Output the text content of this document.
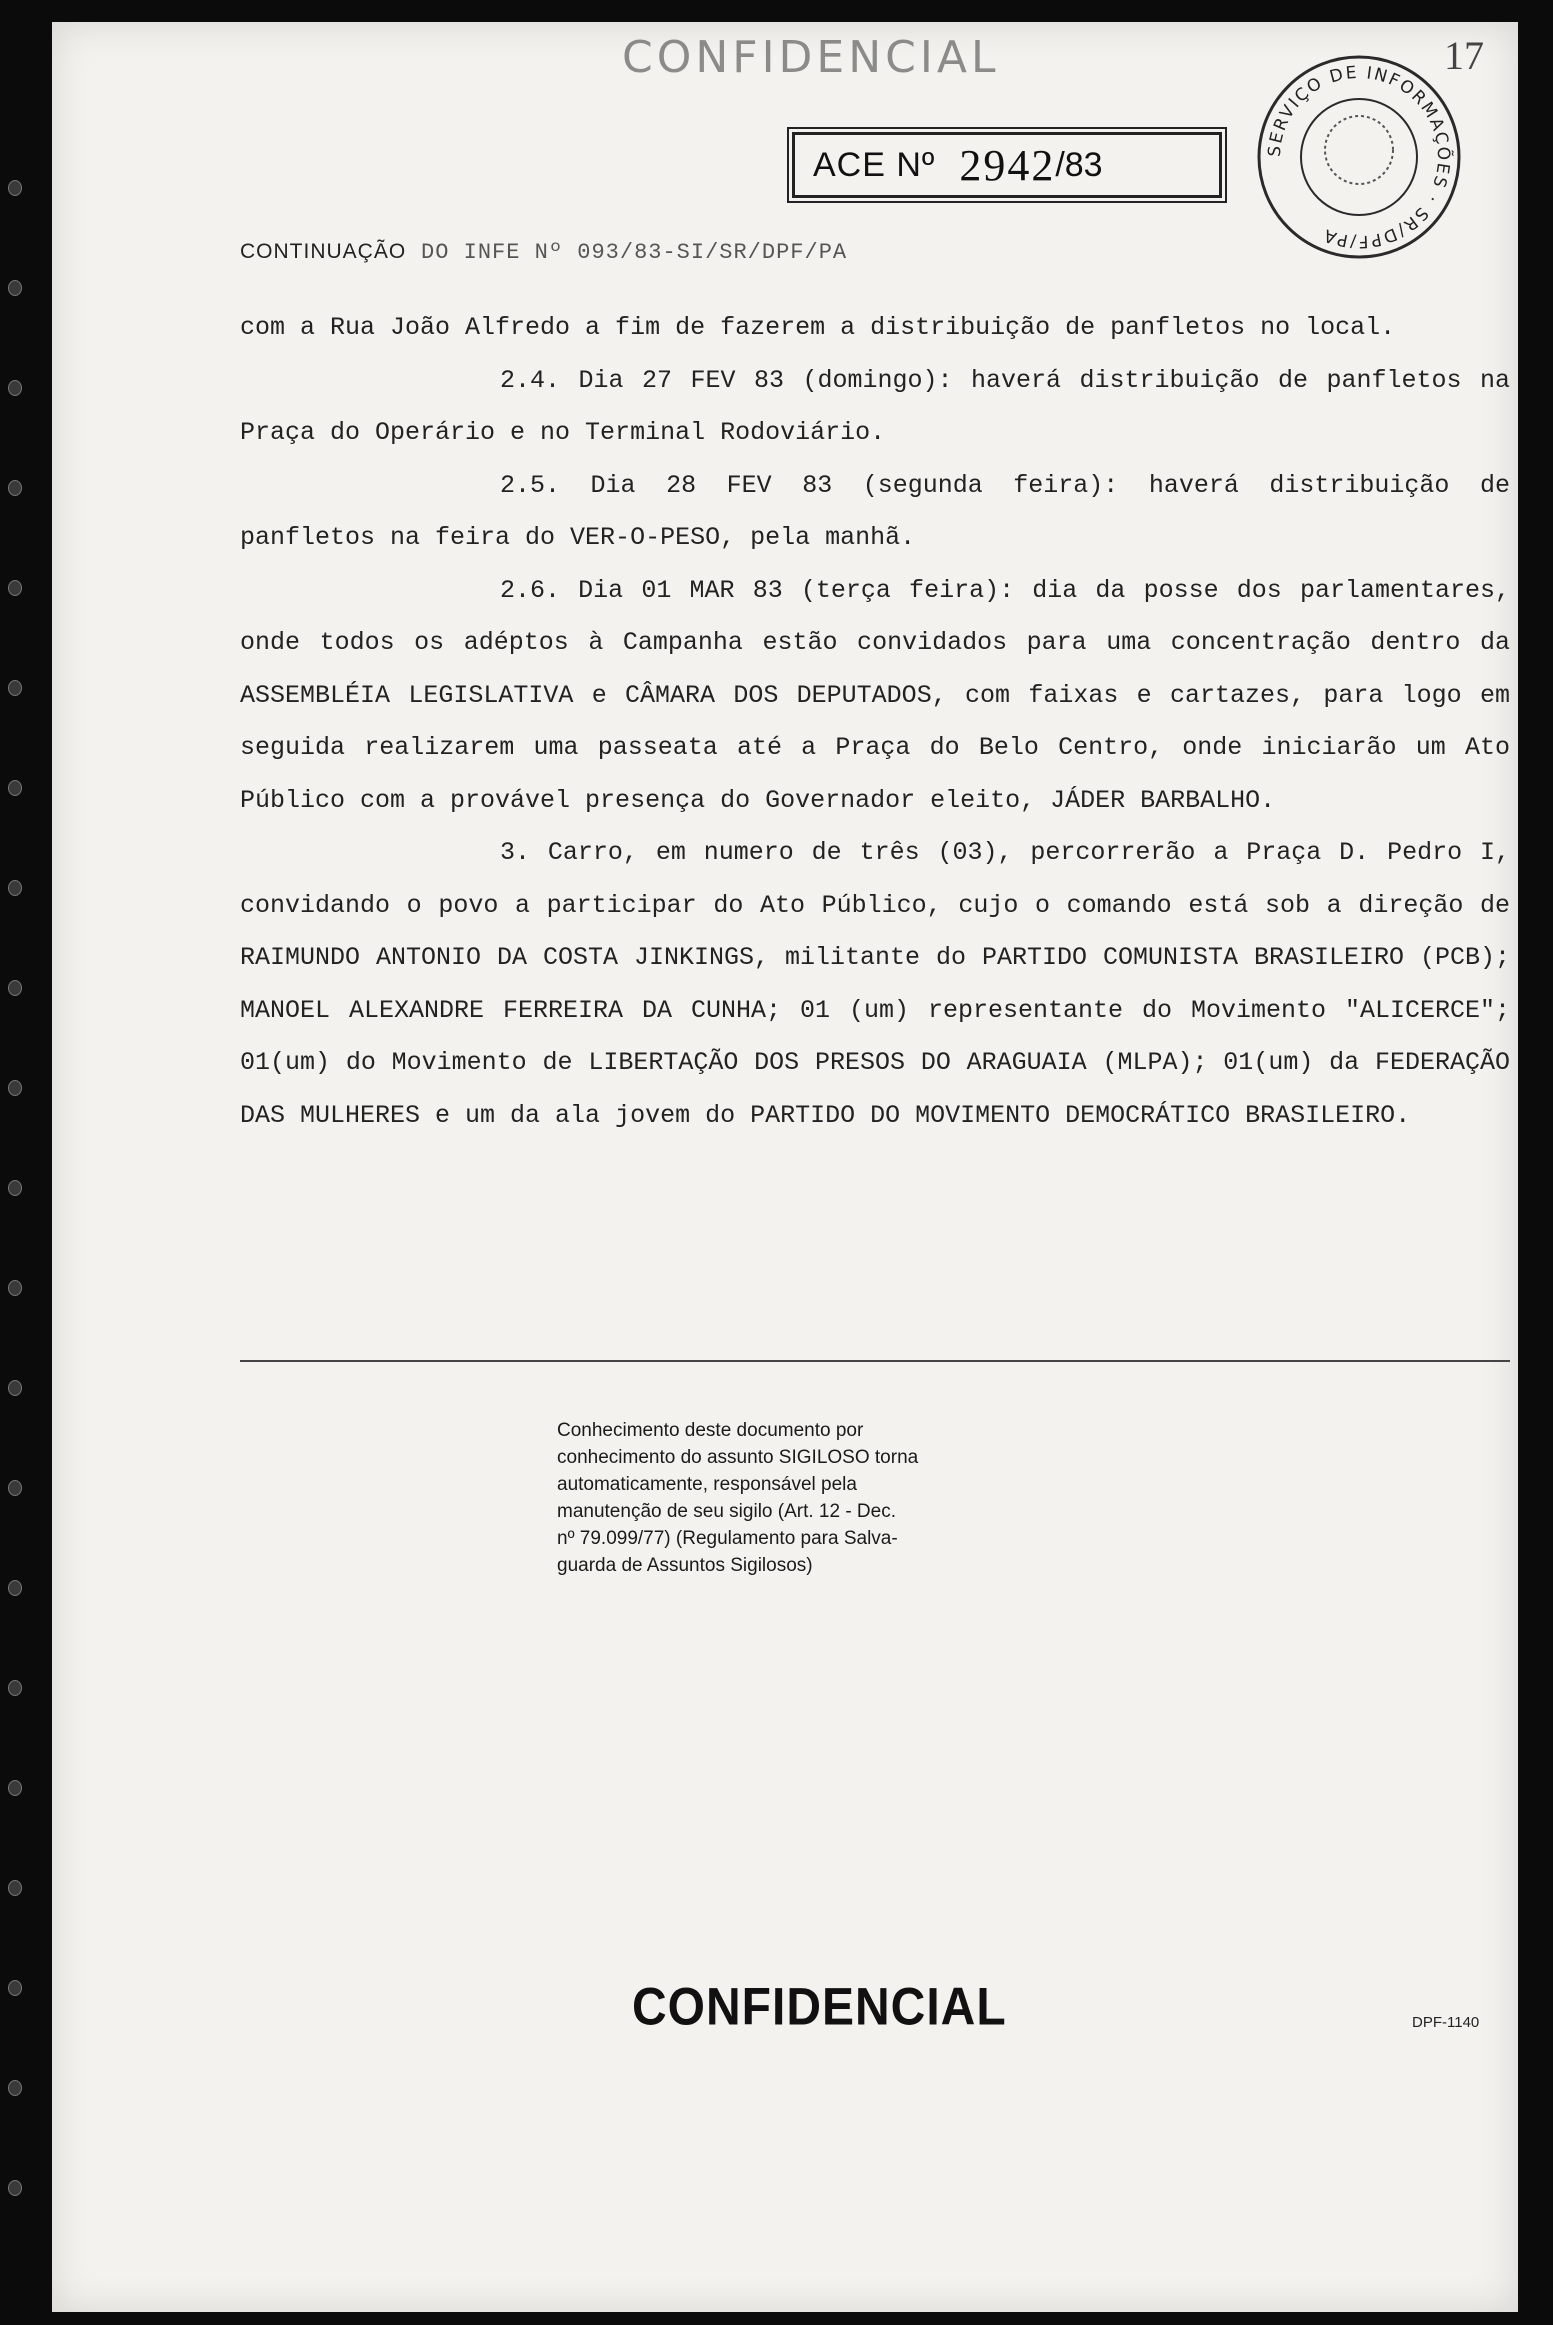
CONFIDENCIAL
ACE Nº 2942 /83	SERVIÇO DE INFORMAÇÕES · SR/DPF/PA
17
CONTINUAÇÃO DO INFE Nº 093/83-SI/SR/DPF/PA

com a Rua João Alfredo a fim de fazerem a distribuição de panfletos no local.

2.4. Dia 27 FEV 83 (domingo): haverá distribuição de panfletos na Praça do Operário e no Terminal Rodoviário.

2.5. Dia 28 FEV 83 (segunda feira): haverá distribuição de panfletos na feira do VER-O-PESO, pela manhã.

2.6. Dia 01 MAR 83 (terça feira): dia da posse dos parlamentares, onde todos os adéptos à Campanha estão convidados para uma concentração dentro da ASSEMBLÉIA LEGISLATIVA e CÂMARA DOS DEPUTADOS, com faixas e cartazes, para logo em seguida realizarem uma passeata até a Praça do Belo Centro, onde iniciarão um Ato Público com a provável presença do Governador eleito, JÁDER BARBALHO.

3. Carro, em numero de três (03), percorrerão a Praça D. Pedro I, convidando o povo a participar do Ato Público, cujo o comando está sob a direção de RAIMUNDO ANTONIO DA COSTA JINKINGS, militante do PARTIDO COMUNISTA BRASILEIRO (PCB); MANOEL ALEXANDRE FERREIRA DA CUNHA; 01 (um) representante do Movimento "ALICERCE"; 01(um) do Movimento de LIBERTAÇÃO DOS PRESOS DO ARAGUAIA (MLPA); 01(um) da FEDERAÇÃO DAS MULHERES e um da ala jovem do PARTIDO DO MOVIMENTO DEMOCRÁTICO BRASILEIRO.

Conhecimento deste documento por
conhecimento do assunto SIGILOSO torna
automaticamente, responsável pela
manutenção de seu sigilo (Art. 12 - Dec.
nº 79.099/77) (Regulamento para Salva-
guarda de Assuntos Sigilosos)
CONFIDENCIAL	DPF-1140
